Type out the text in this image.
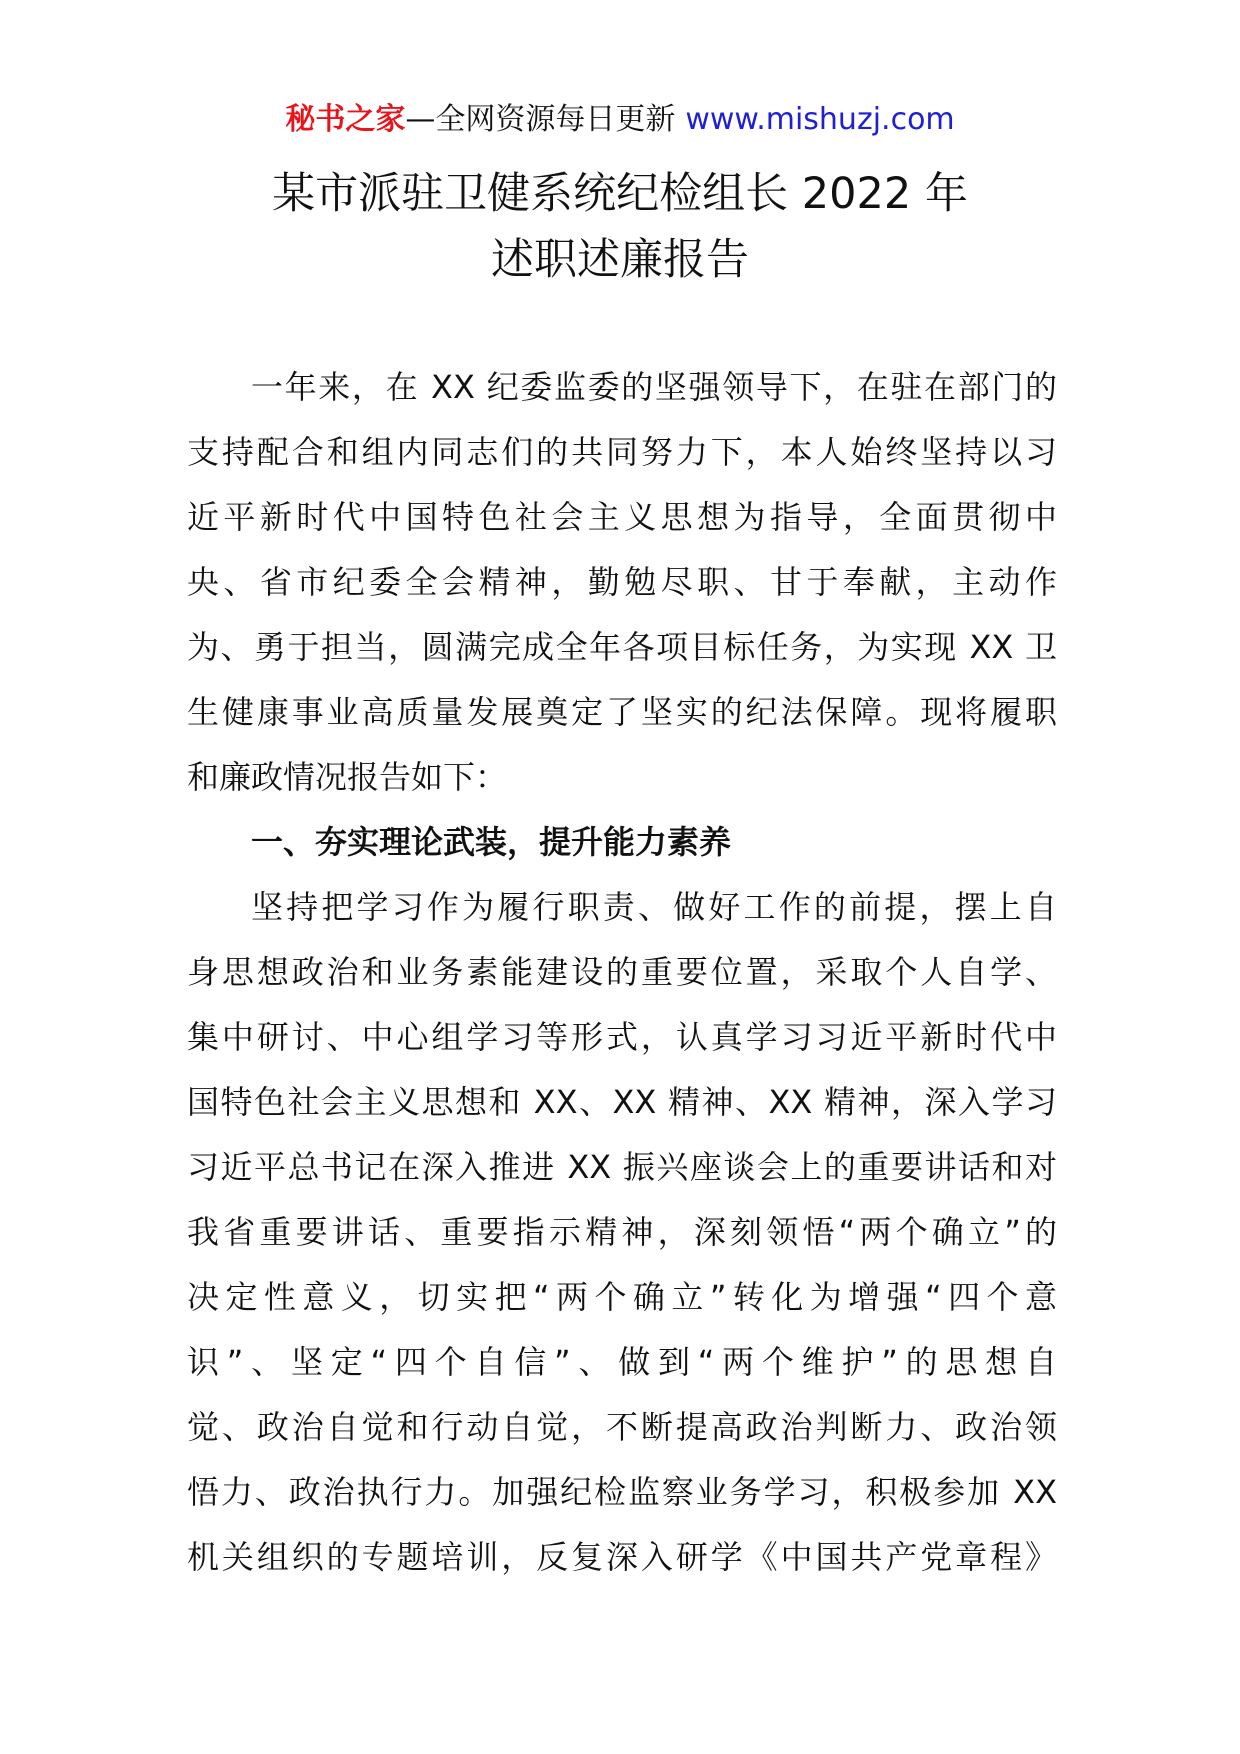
秘书之家—全网资源每日更新 www.mishuzj.com
某市派驻卫健系统纪检组长 2022 年
述职述廉报告
一年来，在 XX 纪委监委的坚强领导下，在驻在部门的
支持配合和组内同志们的共同努力下，本人始终坚持以习
近平新时代中国特色社会主义思想为指导，全面贯彻中
央、省市纪委全会精神，勤勉尽职、甘于奉献，主动作
为、勇于担当，圆满完成全年各项目标任务，为实现 XX 卫
生健康事业高质量发展奠定了坚实的纪法保障。现将履职
和廉政情况报告如下：
一、夯实理论武装，提升能力素养
坚持把学习作为履行职责、做好工作的前提，摆上自
身思想政治和业务素能建设的重要位置，采取个人自学、
集中研讨、中心组学习等形式，认真学习习近平新时代中
国特色社会主义思想和 XX、XX 精神、XX 精神，深入学习
习近平总书记在深入推进 XX 振兴座谈会上的重要讲话和对
我省重要讲话、重要指示精神，深刻领悟“两个确立”的
决定性意义，切实把“两个确立”转化为增强“四个意
识”、坚定“四个自信”、做到“两个维护”的思想自
觉、政治自觉和行动自觉，不断提高政治判断力、政治领
悟力、政治执行力。加强纪检监察业务学习，积极参加 XX
机关组织的专题培训，反复深入研学《中国共产党章程》
